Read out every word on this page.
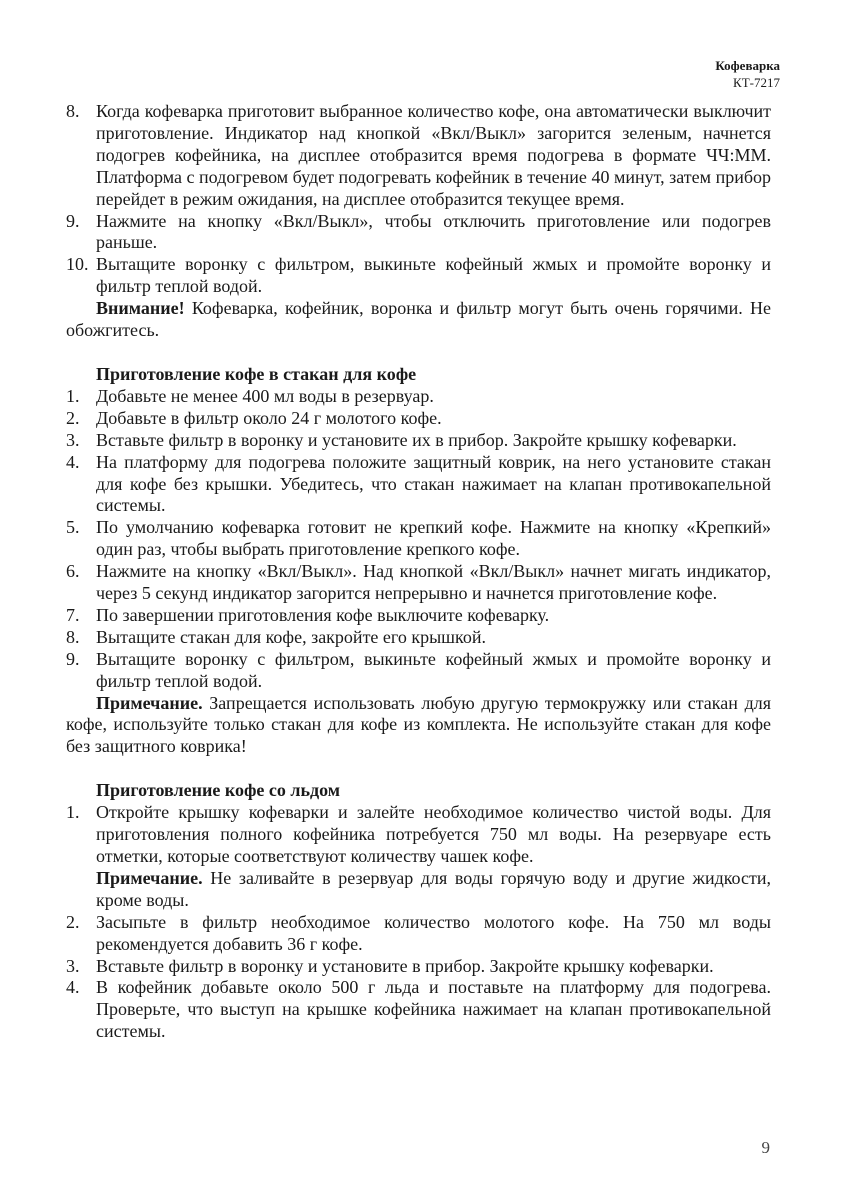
Кофеварка
КТ-7217
8. Когда кофеварка приготовит выбранное количество кофе, она автоматически выключит приготовление. Индикатор над кнопкой «Вкл/Выкл» загорится зеленым, начнется подогрев кофейника, на дисплее отобразится время подогрева в формате ЧЧ:ММ. Платформа с подогревом будет подогревать кофейник в течение 40 минут, затем прибор перейдет в режим ожидания, на дисплее отобразится текущее время.
9. Нажмите на кнопку «Вкл/Выкл», чтобы отключить приготовление или подогрев раньше.
10. Вытащите воронку с фильтром, выкиньте кофейный жмых и промойте воронку и фильтр теплой водой.
Внимание! Кофеварка, кофейник, воронка и фильтр могут быть очень горячими. Не обожгитесь.
Приготовление кофе в стакан для кофе
1. Добавьте не менее 400 мл воды в резервуар.
2. Добавьте в фильтр около 24 г молотого кофе.
3. Вставьте фильтр в воронку и установите их в прибор. Закройте крышку кофеварки.
4. На платформу для подогрева положите защитный коврик, на него установите стакан для кофе без крышки. Убедитесь, что стакан нажимает на клапан противокапельной системы.
5. По умолчанию кофеварка готовит не крепкий кофе. Нажмите на кнопку «Крепкий» один раз, чтобы выбрать приготовление крепкого кофе.
6. Нажмите на кнопку «Вкл/Выкл». Над кнопкой «Вкл/Выкл» начнет мигать индикатор, через 5 секунд индикатор загорится непрерывно и начнется приготовление кофе.
7. По завершении приготовления кофе выключите кофеварку.
8. Вытащите стакан для кофе, закройте его крышкой.
9. Вытащите воронку с фильтром, выкиньте кофейный жмых и промойте воронку и фильтр теплой водой.
Примечание. Запрещается использовать любую другую термокружку или стакан для кофе, используйте только стакан для кофе из комплекта. Не используйте стакан для кофе без защитного коврика!
Приготовление кофе со льдом
1. Откройте крышку кофеварки и залейте необходимое количество чистой воды. Для приготовления полного кофейника потребуется 750 мл воды. На резервуаре есть отметки, которые соответствуют количеству чашек кофе.
Примечание. Не заливайте в резервуар для воды горячую воду и другие жидкости, кроме воды.
2. Засыпьте в фильтр необходимое количество молотого кофе. На 750 мл воды рекомендуется добавить 36 г кофе.
3. Вставьте фильтр в воронку и установите в прибор. Закройте крышку кофеварки.
4. В кофейник добавьте около 500 г льда и поставьте на платформу для подогрева. Проверьте, что выступ на крышке кофейника нажимает на клапан противокапельной системы.
9
